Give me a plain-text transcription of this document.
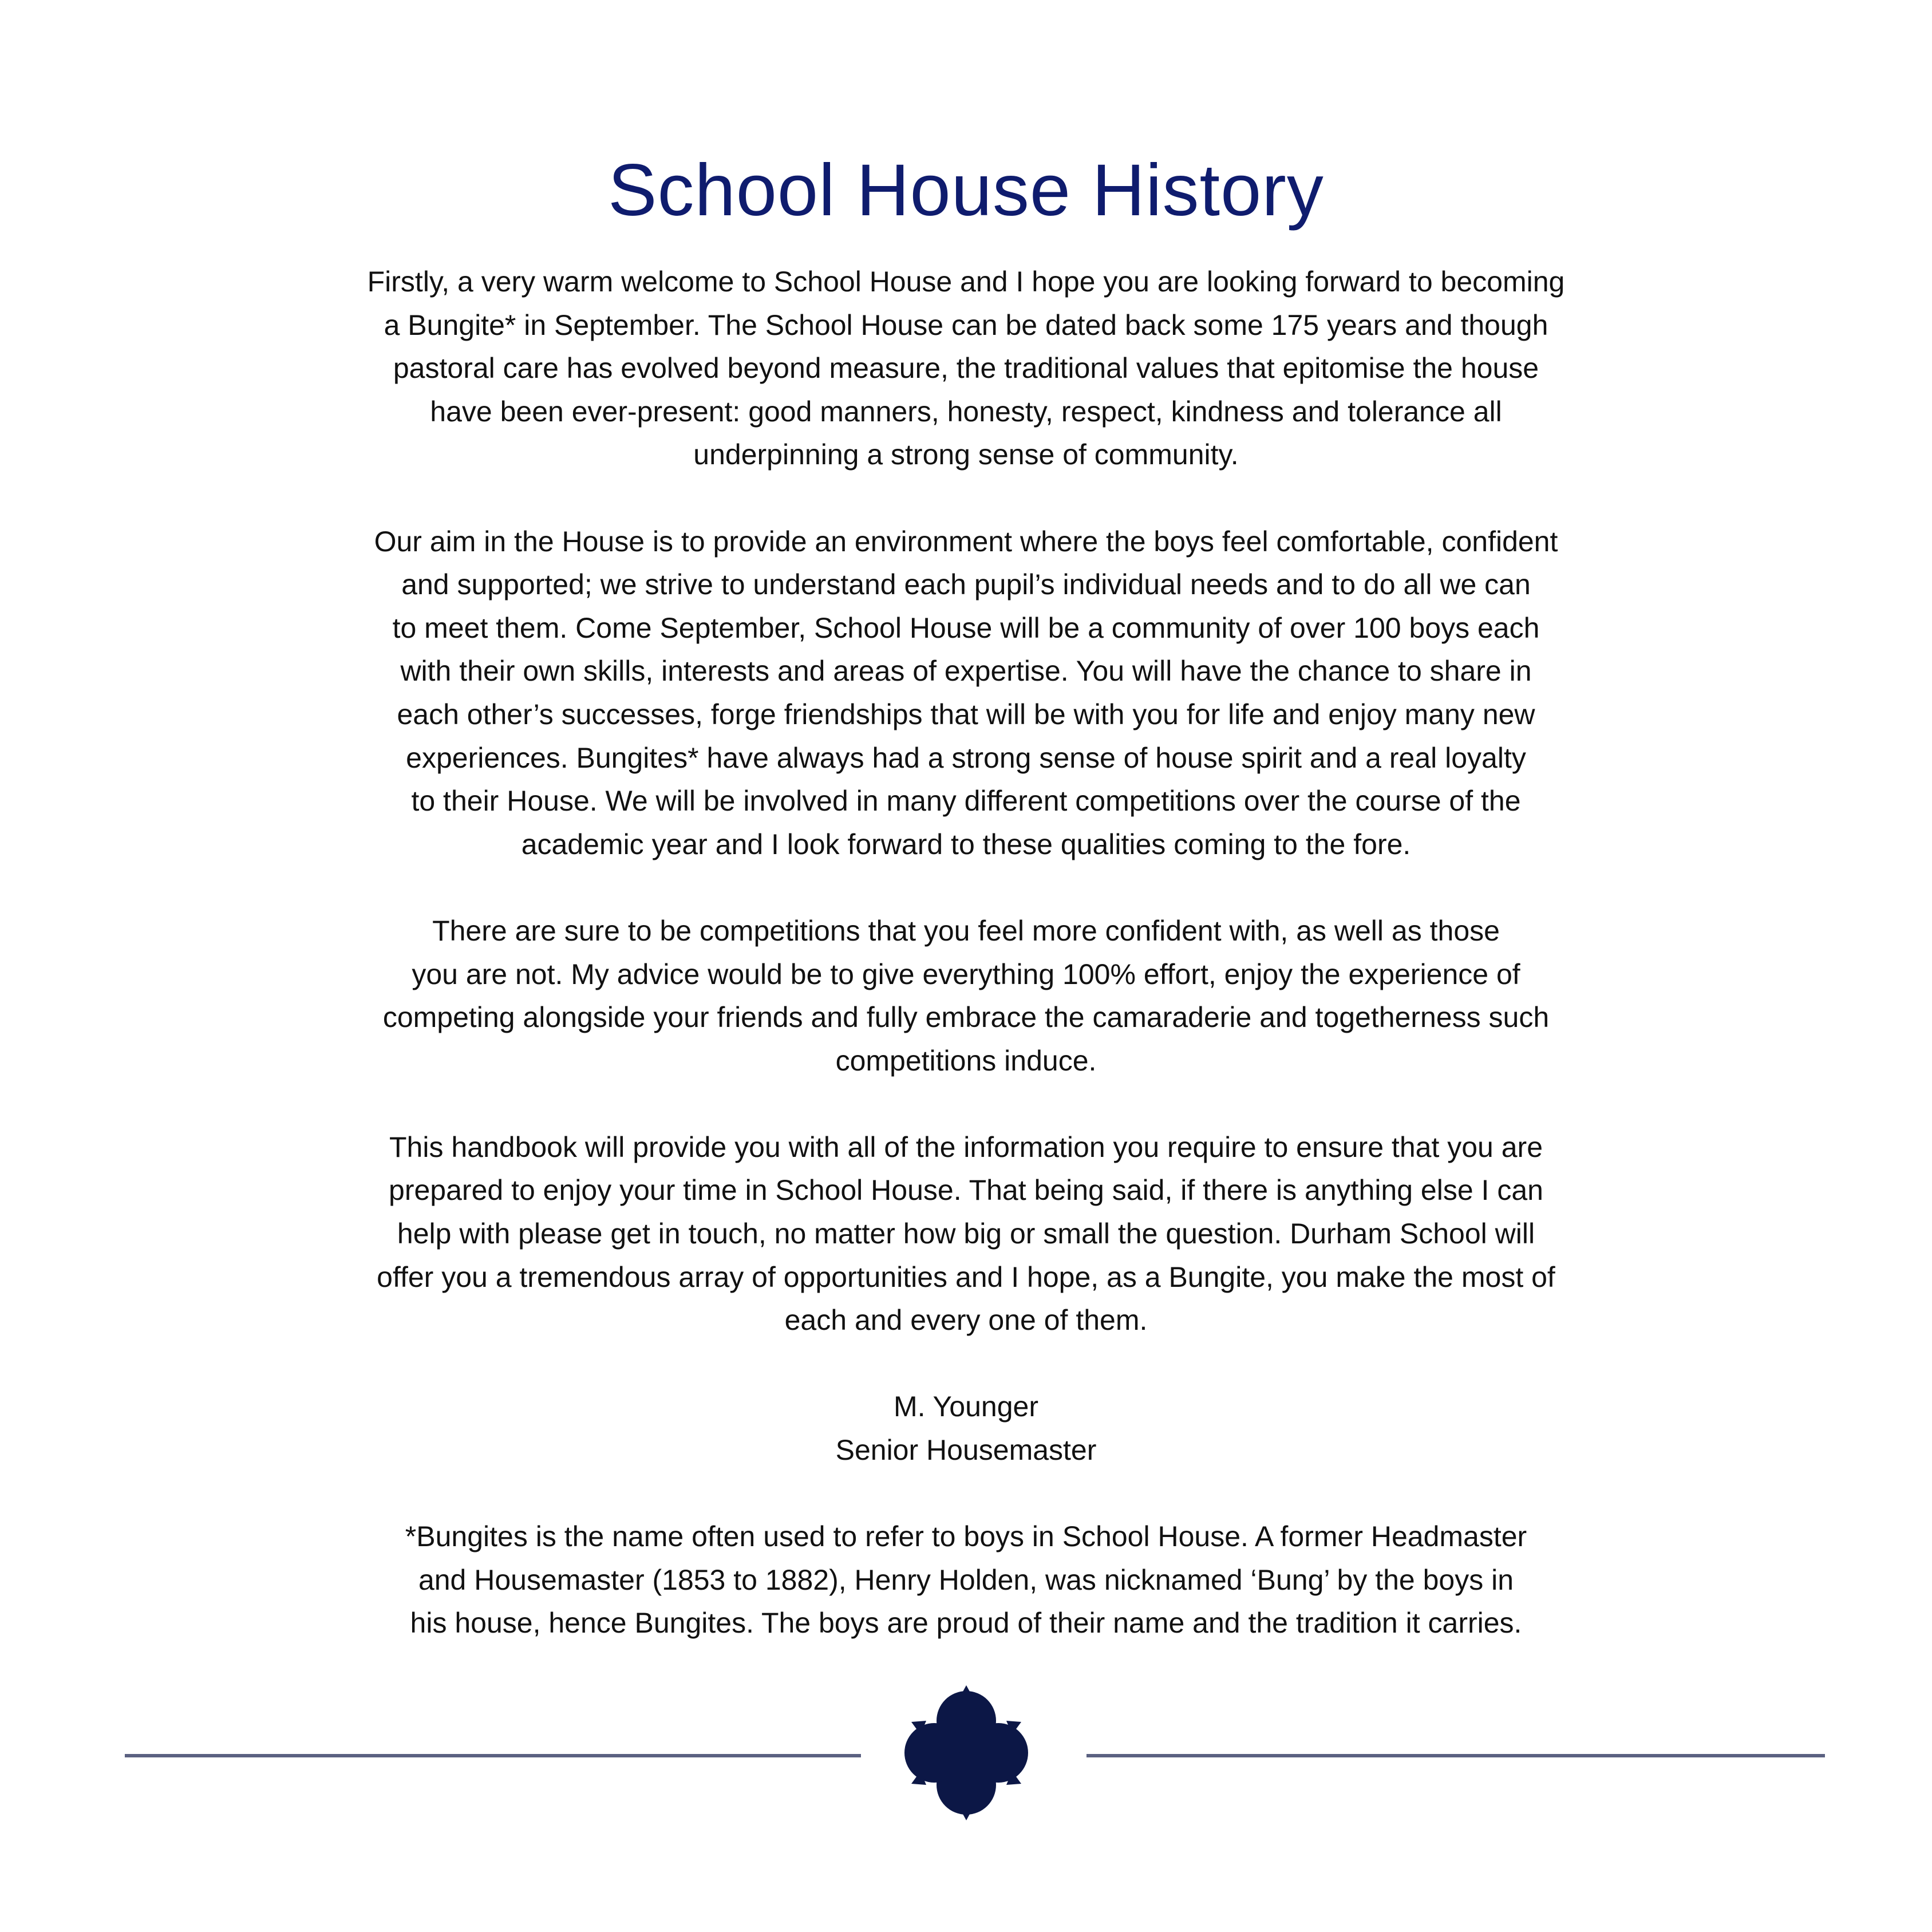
School House History

Firstly, a very warm welcome to School House and I hope you are looking forward to becoming
a Bungite* in September. The School House can be dated back some 175 years and though
pastoral care has evolved beyond measure, the traditional values that epitomise the house
have been ever-present: good manners, honesty, respect, kindness and tolerance all
underpinning a strong sense of community.

Our aim in the House is to provide an environment where the boys feel comfortable, confident
and supported; we strive to understand each pupil’s individual needs and to do all we can
to meet them. Come September, School House will be a community of over 100 boys each
with their own skills, interests and areas of expertise. You will have the chance to share in
each other’s successes, forge friendships that will be with you for life and enjoy many new
experiences. Bungites* have always had a strong sense of house spirit and a real loyalty
to their House. We will be involved in many different competitions over the course of the
academic year and I look forward to these qualities coming to the fore.

There are sure to be competitions that you feel more confident with, as well as those
you are not. My advice would be to give everything 100% effort, enjoy the experience of
competing alongside your friends and fully embrace the camaraderie and togetherness such
competitions induce.

This handbook will provide you with all of the information you require to ensure that you are
prepared to enjoy your time in School House. That being said, if there is anything else I can
help with please get in touch, no matter how big or small the question. Durham School will
offer you a tremendous array of opportunities and I hope, as a Bungite, you make the most of
each and every one of them.

M. Younger
Senior Housemaster

*Bungites is the name often used to refer to boys in School House. A former Headmaster
and Housemaster (1853 to 1882), Henry Holden, was nicknamed ‘Bung’ by the boys in
his house, hence Bungites. The boys are proud of their name and the tradition it carries.
